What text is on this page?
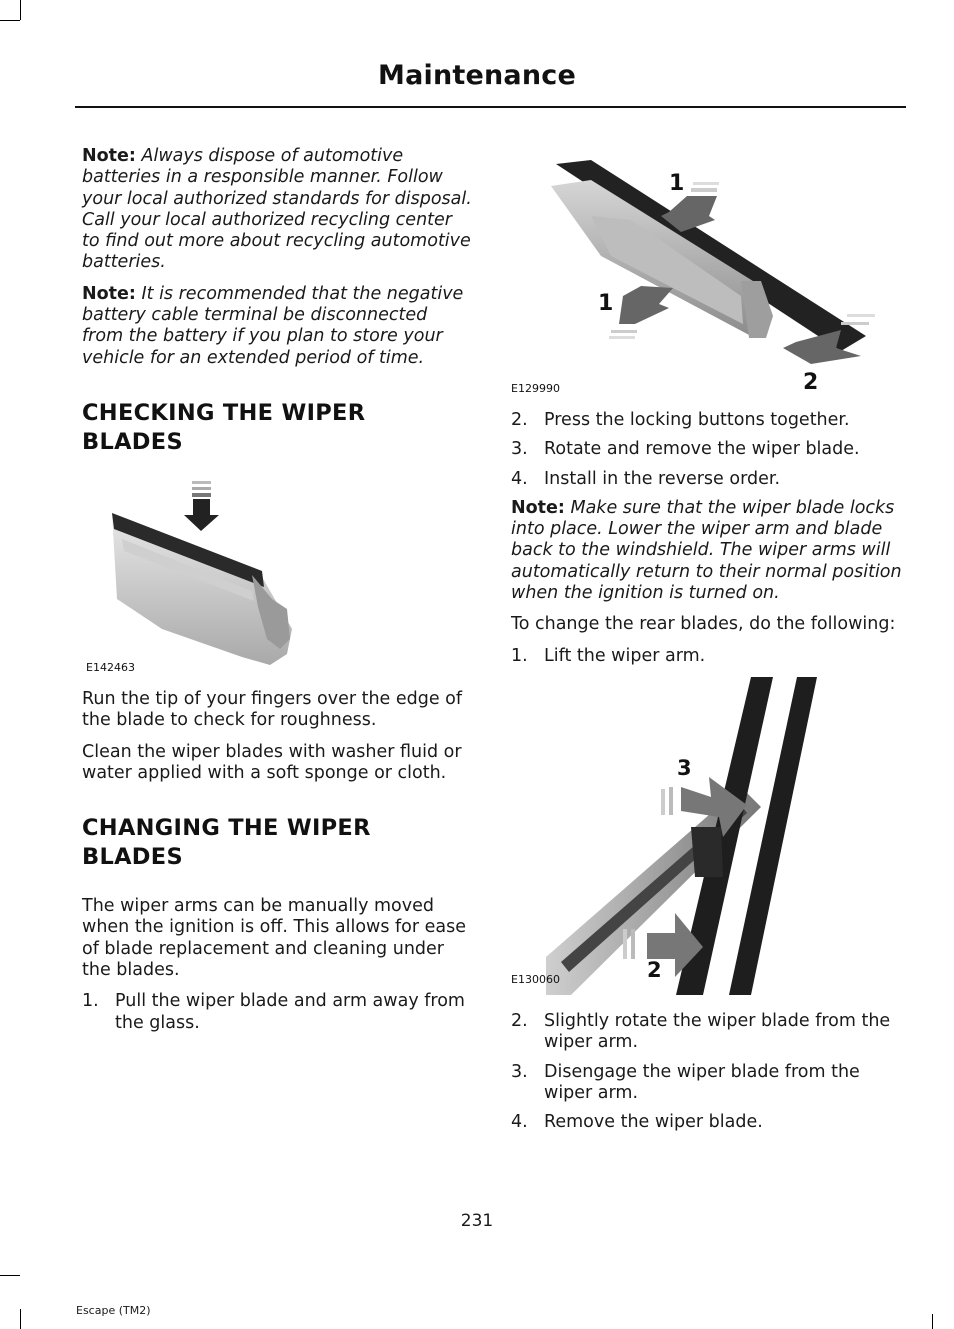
Maintenance

Note: Always dispose of automotive batteries in a responsible manner. Follow your local authorized standards for disposal. Call your local authorized recycling center to find out more about recycling automotive batteries.

Note: It is recommended that the negative battery cable terminal be disconnected from the battery if you plan to store your vehicle for an extended period of time.

CHECKING THE WIPER BLADES
E142463

Run the tip of your fingers over the edge of the blade to check for roughness.

Clean the wiper blades with washer fluid or water applied with a soft sponge or cloth.

CHANGING THE WIPER BLADES

The wiper arms can be manually moved when the ignition is off. This allows for ease of blade replacement and cleaning under the blades.

1. Pull the wiper blade and arm away from the glass.
1
1
2
E129990
2. Press the locking buttons together.
3. Rotate and remove the wiper blade.
4. Install in the reverse order.

Note: Make sure that the wiper blade locks into place. Lower the wiper arm and blade back to the windshield. The wiper arms will automatically return to their normal position when the ignition is turned on.

To change the rear blades, do the following:

1. Lift the wiper arm.
3
2
E130060
2. Slightly rotate the wiper blade from the wiper arm.
3. Disengage the wiper blade from the wiper arm.
4. Remove the wiper blade.
231
Escape (TM2)
